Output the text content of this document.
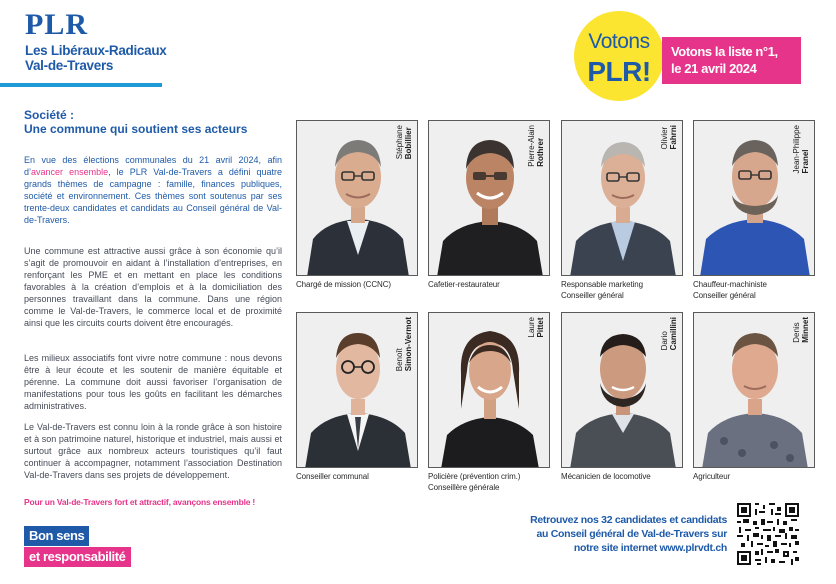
PLR
Les Libéraux-Radicaux
Val-de-Travers
Votons
PLR!
Votons la liste n°1,
le 21 avril 2024
Société :
Une commune qui soutient ses acteurs

En vue des élections communales du 21 avril 2024, afin d’avancer ensemble, le PLR Val-de-Travers a défini quatre grands thèmes de campagne : famille, finances publiques, société et environnement. Ces thèmes sont soutenus par ses trente-deux candidates et candidats au Conseil général de Val-de-Travers.

Une commune est attractive aussi grâce à son économie qu’il s’agit de promouvoir en aidant à l’installation d’entreprises, en renforçant les PME et en mettant en place les conditions favorables à la création d’emplois et à la domiciliation des personnes travaillant dans la commune. Dans une région comme le Val-de-Travers, le commerce local et de proximité ainsi que les circuits courts doivent être encouragés.

Les milieux associatifs font vivre notre commune : nous devons être à leur écoute et les soutenir de manière équitable et pérenne. La commune doit aussi favoriser l’organisation de manifestations pour tous les goûts en facilitant les démarches administratives.

Le Val-de-Travers est connu loin à la ronde grâce à son histoire et à son patrimoine naturel, historique et industriel, mais aussi et surtout grâce aux nombreux acteurs touristiques qu’il faut continuer à accompagner, notamment l’association Destination Val-de-Travers dans ses projets de développement.

Pour un Val-de-Travers fort et attractif, avançons ensemble !
Bon sens
et responsabilité
Stéphane Bobillier
Chargé de mission (CCNC)
Pierre-Alain Rothrer
Cafetier-restaurateur
Olivier Fahrni
Responsable marketing
Conseiller général
Jean-Philippe Franel
Chauffeur-machiniste
Conseiller général
Benoît Simon-Vermot
Conseiller communal
Laure Pittet
Policière (prévention crim.)
Conseillère générale
Dario Camillini
Mécanicien de locomotive
Denis Minnet
Agriculteur
Retrouvez nos 32 candidates et candidats
au Conseil général de Val-de-Travers sur
notre site internet www.plrvdt.ch
